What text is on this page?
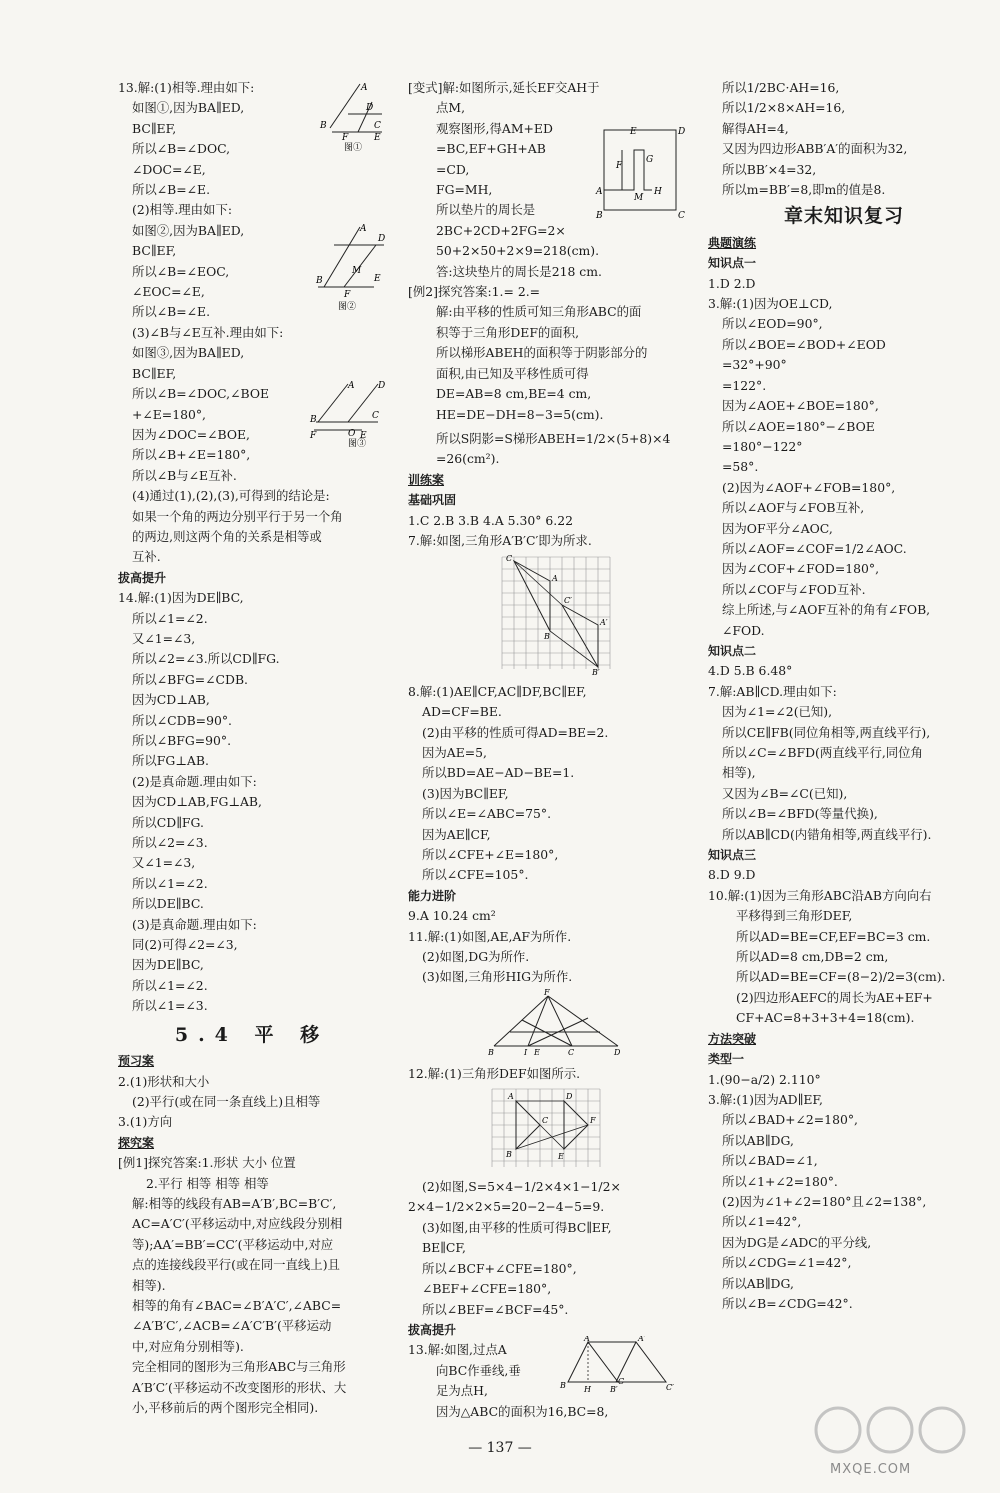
13.解:(1)相等.理由如下:
如图①,因为BA∥ED,
BC∥EF,
所以∠B=∠DOC,
∠DOC=∠E,
所以∠B=∠E.
(2)相等.理由如下:
如图②,因为BA∥ED,
BC∥EF,
所以∠B=∠EOC,
∠EOC=∠E,
所以∠B=∠E.
(3)∠B与∠E互补.理由如下:
如图③,因为BA∥ED,
BC∥EF,
所以∠B=∠DOC,∠BOE
+∠E=180°,
因为∠DOC=∠BOE,
所以∠B+∠E=180°,
所以∠B与∠E互补.
(4)通过(1),(2),(3),可得到的结论是:
如果一个角的两边分别平行于另一个角
的两边,则这两个角的关系是相等或
互补.
A
B
D
C
F	E
图①
A
B
D
M
F
E
图②
A
B
D
C
F	E
O
图③
拔高提升
14.解:(1)因为DE∥BC,
所以∠1=∠2.
又∠1=∠3,
所以∠2=∠3.所以CD∥FG.
所以∠BFG=∠CDB.
因为CD⊥AB,
所以∠CDB=90°.
所以∠BFG=90°.
所以FG⊥AB.
(2)是真命题.理由如下:
因为CD⊥AB,FG⊥AB,
所以CD∥FG.
所以∠2=∠3.
又∠1=∠3,
所以∠1=∠2.
所以DE∥BC.
(3)是真命题.理由如下:
同(2)可得∠2=∠3,
因为DE∥BC,
所以∠1=∠2.
所以∠1=∠3.
5.4 平 移
预习案
2.(1)形状和大小
(2)平行(或在同一条直线上)且相等
3.(1)方向
探究案
[例1]探究答案:1.形状 大小 位置
2.平行 相等 相等 相等
解:相等的线段有AB=A′B′,BC=B′C′,
AC=A′C′(平移运动中,对应线段分别相
等);AA′=BB′=CC′(平移运动中,对应
点的连接线段平行(或在同一直线上)且
相等).
相等的角有∠BAC=∠B′A′C′,∠ABC=
∠A′B′C′,∠ACB=∠A′C′B′(平移运动
中,对应角分别相等).
完全相同的图形为三角形ABC与三角形
A′B′C′(平移运动不改变图形的形状、大
小,平移前后的两个图形完全相同).
[变式]解:如图所示,延长EF交AH于
点M,
观察图形,得AM+ED
=BC,EF+GH+AB
=CD,
FG=MH,
所以垫片的周长是
2BC+2CD+2FG=2×
50+2×50+2×9=218(cm).
答:这块垫片的周长是218 cm.
E	D
F
G
A
M
H
B	C
[例2]探究答案:1.= 2.=
解:由平移的性质可知三角形ABC的面
积等于三角形DEF的面积,
所以梯形ABEH的面积等于阴影部分的
面积,由已知及平移性质可得
DE=AB=8 cm,BE=4 cm,
HE=DE−DH=8−3=5(cm).
所以S阴影=S梯形ABEH=1/2×(5+8)×4
=26(cm²).
训练案
基础巩固
1.C 2.B 3.B 4.A 5.30° 6.22
7.解:如图,三角形A′B′C′即为所求.
C
A
B
C′
A′
B′
8.解:(1)AE∥CF,AC∥DF,BC∥EF,
AD=CF=BE.
(2)由平移的性质可得AD=BE=2.
因为AE=5,
所以BD=AE−AD−BE=1.
(3)因为BC∥EF,
所以∠E=∠ABC=75°.
因为AE∥CF,
所以∠CFE+∠E=180°,
所以∠CFE=105°.
能力进阶
9.A 10.24 cm²
11.解:(1)如图,AE,AF为所作.
(2)如图,DG为所作.
(3)如图,三角形HIG为所作.
F
B	I E	C	D
12.解:(1)三角形DEF如图所示.
A
C
B
D
F
E
(2)如图,S=5×4−1/2×4×1−1/2×
2×4−1/2×2×5=20−2−4−5=9.
(3)如图,由平移的性质可得BC∥EF,
BE∥CF,
所以∠BCF+∠CFE=180°,
∠BEF+∠CFE=180°,
所以∠BEF=∠BCF=45°.
拔高提升
13.解:如图,过点A
向BC作垂线,垂
足为点H,
因为△ABC的面积为16,BC=8,
A	A′
B H B′
C
C′
所以1/2BC·AH=16,
所以1/2×8×AH=16,
解得AH=4,
又因为四边形ABB′A′的面积为32,
所以BB′×4=32,
所以m=BB′=8,即m的值是8.
章末知识复习
典题演练
知识点一
1.D 2.D
3.解:(1)因为OE⊥CD,
所以∠EOD=90°,
所以∠BOE=∠BOD+∠EOD
=32°+90°
=122°.
因为∠AOE+∠BOE=180°,
所以∠AOE=180°−∠BOE
=180°−122°
=58°.
(2)因为∠AOF+∠FOB=180°,
所以∠AOF与∠FOB互补,
因为OF平分∠AOC,
所以∠AOF=∠COF=1/2∠AOC.
因为∠COF+∠FOD=180°,
所以∠COF与∠FOD互补.
综上所述,与∠AOF互补的角有∠FOB,
∠FOD.
知识点二
4.D 5.B 6.48°
7.解:AB∥CD.理由如下:
因为∠1=∠2(已知),
所以CE∥FB(同位角相等,两直线平行),
所以∠C=∠BFD(两直线平行,同位角
相等),
又因为∠B=∠C(已知),
所以∠B=∠BFD(等量代换),
所以AB∥CD(内错角相等,两直线平行).
知识点三
8.D 9.D
10.解:(1)因为三角形ABC沿AB方向向右
平移得到三角形DEF,
所以AD=BE=CF,EF=BC=3 cm.
所以AD=8 cm,DB=2 cm,
所以AD=BE=CF=(8−2)/2=3(cm).
(2)四边形AEFC的周长为AE+EF+
CF+AC=8+3+3+4=18(cm).
方法突破
类型一
1.(90−a/2) 2.110°
3.解:(1)因为AD∥EF,
所以∠BAD+∠2=180°,
所以AB∥DG,
所以∠BAD=∠1,
所以∠1+∠2=180°.
(2)因为∠1+∠2=180°且∠2=138°,
所以∠1=42°,
因为DG是∠ADC的平分线,
所以∠CDG=∠1=42°,
所以AB∥DG,
所以∠B=∠CDG=42°.
— 137 —
MXQE.COM
